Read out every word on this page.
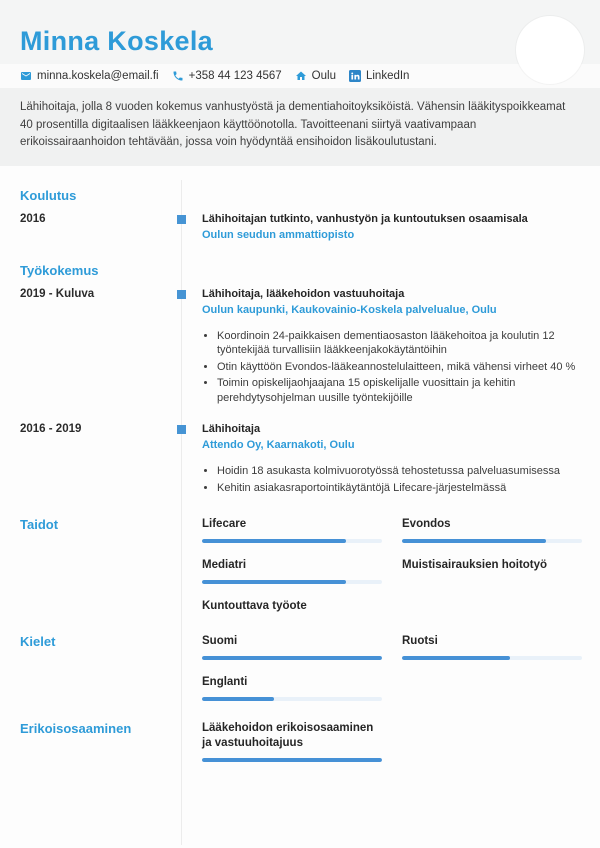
Minna Koskela
minna.koskela@email.fi	+358 44 123 4567	Oulu	LinkedIn

Lähihoitaja, jolla 8 vuoden kokemus vanhustyöstä ja dementiahoitoyksiköistä. Vähensin lääkityspoikkeamat 40 prosentilla digitaalisen lääkkeenjaon käyttöönotolla. Tavoitteenani siirtyä vaativampaan erikoissairaanhoidon tehtävään, jossa voin hyödyntää ensihoidon lisäkoulutustani.

Koulutus
2016	Lähihoitajan tutkinto, vanhustyön ja kuntoutuksen osaamisala
Oulun seudun ammattiopisto
Työkokemus
2019 - Kuluva	Lähihoitaja, lääkehoidon vastuuhoitaja
Oulun kaupunki, Kaukovainio-Koskela palvelualue, Oulu
• Koordinoin 24-paikkaisen dementiaosaston lääkehoitoa ja koulutin 12 työntekijää turvallisiin lääkkeenjakokäytäntöihin
• Otin käyttöön Evondos-lääkeannostelulaitteen, mikä vähensi virheet 40 %
• Toimin opiskelijaohjaajana 15 opiskelijalle vuosittain ja kehitin perehdytysohjelman uusille työntekijöille
2016 - 2019	Lähihoitaja
Attendo Oy, Kaarnakoti, Oulu
• Hoidin 18 asukasta kolmivuorotyössä tehostetussa palveluasumisessa
• Kehitin asiakasraportointikäytäntöjä Lifecare-järjestelmässä
Taidot	Lifecare	Evondos
Mediatri	Muistisairauksien hoitotyö
Kuntouttava työote
Kielet	Suomi	Ruotsi
Englanti
Erikoisosaaminen	Lääkehoidon erikoisosaaminen ja vastuuhoitajuus
